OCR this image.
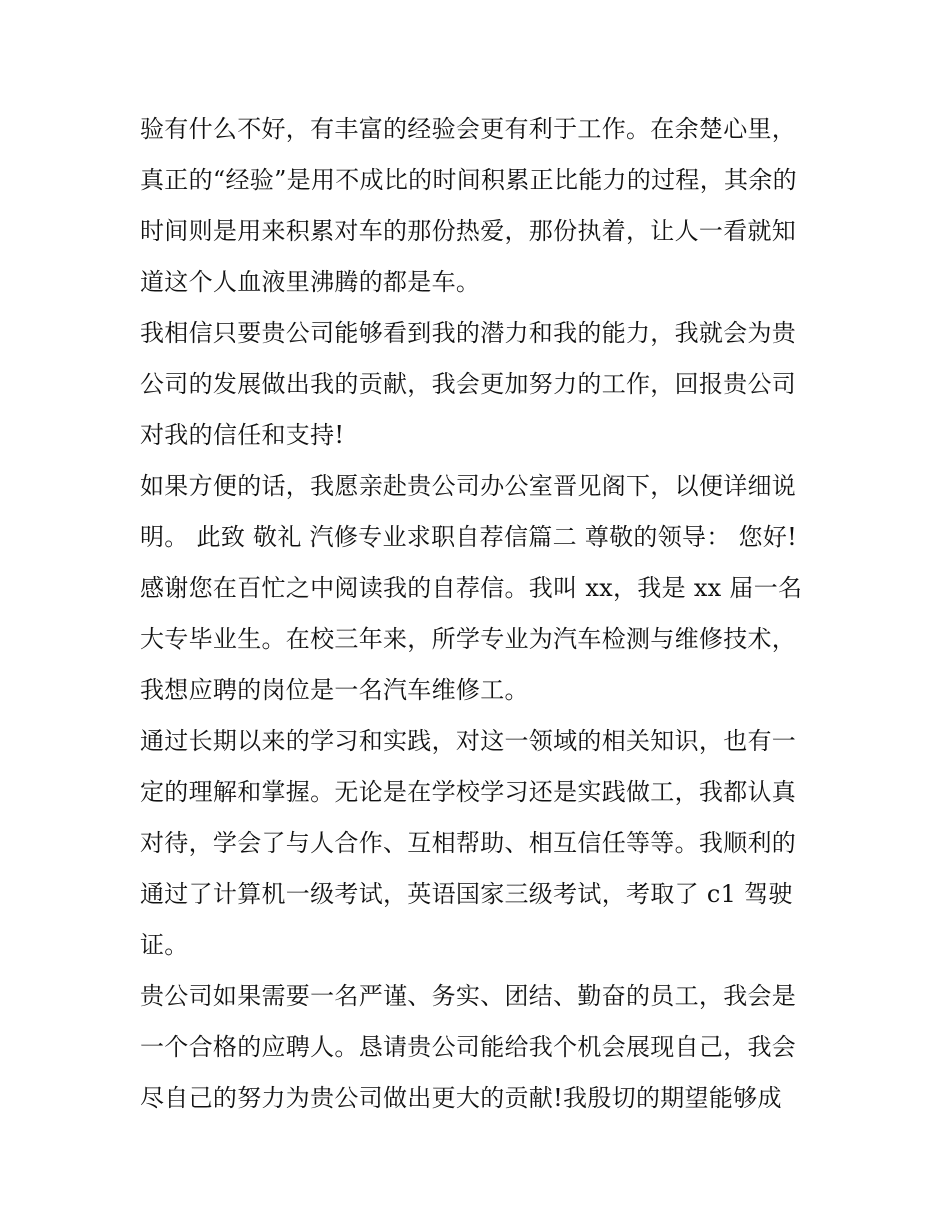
验有什么不好，有丰富的经验会更有利于工作。在余楚心里，
真正的“经验”是用不成比的时间积累正比能力的过程，其余的
时间则是用来积累对车的那份热爱，那份执着，让人一看就知
道这个人血液里沸腾的都是车。
我相信只要贵公司能够看到我的潜力和我的能力，我就会为贵
公司的发展做出我的贡献，我会更加努力的工作，回报贵公司
对我的信任和支持!
如果方便的话，我愿亲赴贵公司办公室晋见阁下，以便详细说
明。 此致 敬礼 汽修专业求职自荐信篇二 尊敬的领导： 您好!
感谢您在百忙之中阅读我的自荐信。我叫 xx，我是 xx 届一名
大专毕业生。在校三年来，所学专业为汽车检测与维修技术，
我想应聘的岗位是一名汽车维修工。
通过长期以来的学习和实践，对这一领域的相关知识，也有一
定的理解和掌握。无论是在学校学习还是实践做工，我都认真
对待，学会了与人合作、互相帮助、相互信任等等。我顺利的
通过了计算机一级考试，英语国家三级考试，考取了 c1 驾驶
证。
贵公司如果需要一名严谨、务实、团结、勤奋的员工，我会是
一个合格的应聘人。恳请贵公司能给我个机会展现自己，我会
尽自己的努力为贵公司做出更大的贡献!我殷切的期望能够成
